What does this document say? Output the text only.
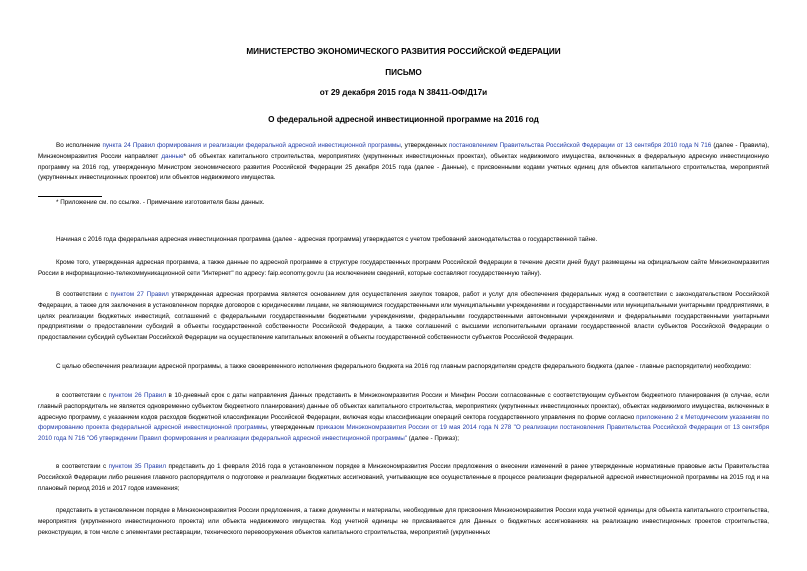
МИНИСТЕРСТВО ЭКОНОМИЧЕСКОГО РАЗВИТИЯ РОССИЙСКОЙ ФЕДЕРАЦИИ
ПИСЬМО
от 29 декабря 2015 года N 38411-ОФ/Д17и
О федеральной адресной инвестиционной программе на 2016 год
Во исполнение пункта 24 Правил формирования и реализации федеральной адресной инвестиционной программы, утвержденных постановлением Правительства Российской Федерации от 13 сентября 2010 года N 716 (далее - Правила), Минэкономразвития России направляет данные* об объектах капитального строительства, мероприятиях (укрупненных инвестиционных проектах), объектах недвижимого имущества, включенных в федеральную адресную инвестиционную программу на 2016 год, утвержденную Министром экономического развития Российской Федерации 25 декабря 2015 года (далее - Данные), с присвоенными кодами учетных единиц для объектов капитального строительства, мероприятий (укрупненных инвестиционных проектов) или объектов недвижимого имущества.
* Приложение см. по ссылке. - Примечание изготовителя базы данных.
Начиная с 2016 года федеральная адресная инвестиционная программа (далее - адресная программа) утверждается с учетом требований законодательства о государственной тайне.
Кроме того, утвержденная адресная программа, а также данные по адресной программе в структуре государственных программ Российской Федерации в течение десяти дней будут размещены на официальном сайте Минэкономразвития России в информационно-телекоммуникационной сети "Интернет" по адресу: faip.economy.gov.ru (за исключением сведений, которые составляют государственную тайну).
В соответствии с пунктом 27 Правил утвержденная адресная программа является основанием для осуществления закупок товаров, работ и услуг для обеспечения федеральных нужд в соответствии с законодательством Российской Федерации, а также для заключения в установленном порядке договоров с юридическими лицами, не являющимися государственными или муниципальными учреждениями и государственными или муниципальными унитарными предприятиями, в целях реализации бюджетных инвестиций, соглашений с федеральными государственными бюджетными учреждениями, федеральными государственными автономными учреждениями и федеральными государственными унитарными предприятиями о предоставлении субсидий в объекты государственной собственности Российской Федерации, а также соглашений с высшими исполнительными органами государственной власти субъектов Российской Федерации о предоставлении субсидий субъектам Российской Федерации на осуществление капитальных вложений в объекты государственной собственности субъектов Российской Федерации.
С целью обеспечения реализации адресной программы, а также своевременного исполнения федерального бюджета на 2016 год главным распорядителям средств федерального бюджета (далее - главные распорядители) необходимо:
в соответствии с пунктом 26 Правил в 10-дневный срок с даты направления Данных представить в Минэкономразвития России и Минфин России согласованные с соответствующим субъектом бюджетного планирования (в случае, если главный распорядитель не является одновременно субъектом бюджетного планирования) данные об объектах капитального строительства, мероприятиях (укрупненных инвестиционных проектах), объектах недвижимого имущества, включенных в адресную программу, с указанием кодов расходов бюджетной классификации Российской Федерации, включая коды классификации операций сектора государственного управления по форме согласно приложению 2 к Методическим указаниям по формированию проекта федеральной адресной инвестиционной программы, утвержденным приказом Минэкономразвития России от 19 мая 2014 года N 278 "О реализации постановления Правительства Российской Федерации от 13 сентября 2010 года N 716 "Об утверждении Правил формирования и реализации федеральной адресной инвестиционной программы" (далее - Приказ);
в соответствии с пунктом 35 Правил представить до 1 февраля 2016 года в установленном порядке в Минэкономразвития России предложения о внесении изменений в ранее утвержденные нормативные правовые акты Правительства Российской Федерации либо решения главного распорядителя о подготовке и реализации бюджетных ассигнований, учитывающие все осуществленные в процессе реализации федеральной адресной инвестиционной программы на 2015 год и на плановый период 2016 и 2017 годов изменения;
представить в установленном порядке в Минэкономразвития России предложения, а также документы и материалы, необходимые для присвоения Минэкономразвития России кода учетной единицы для объекта капитального строительства, мероприятия (укрупненного инвестиционного проекта) или объекта недвижимого имущества. Код учетной единицы не присваивается для Данных о бюджетных ассигнованиях на реализацию инвестиционных проектов строительства, реконструкции, в том числе с элементами реставрации, технического перевооружения объектов капитального строительства, мероприятий (укрупненных
